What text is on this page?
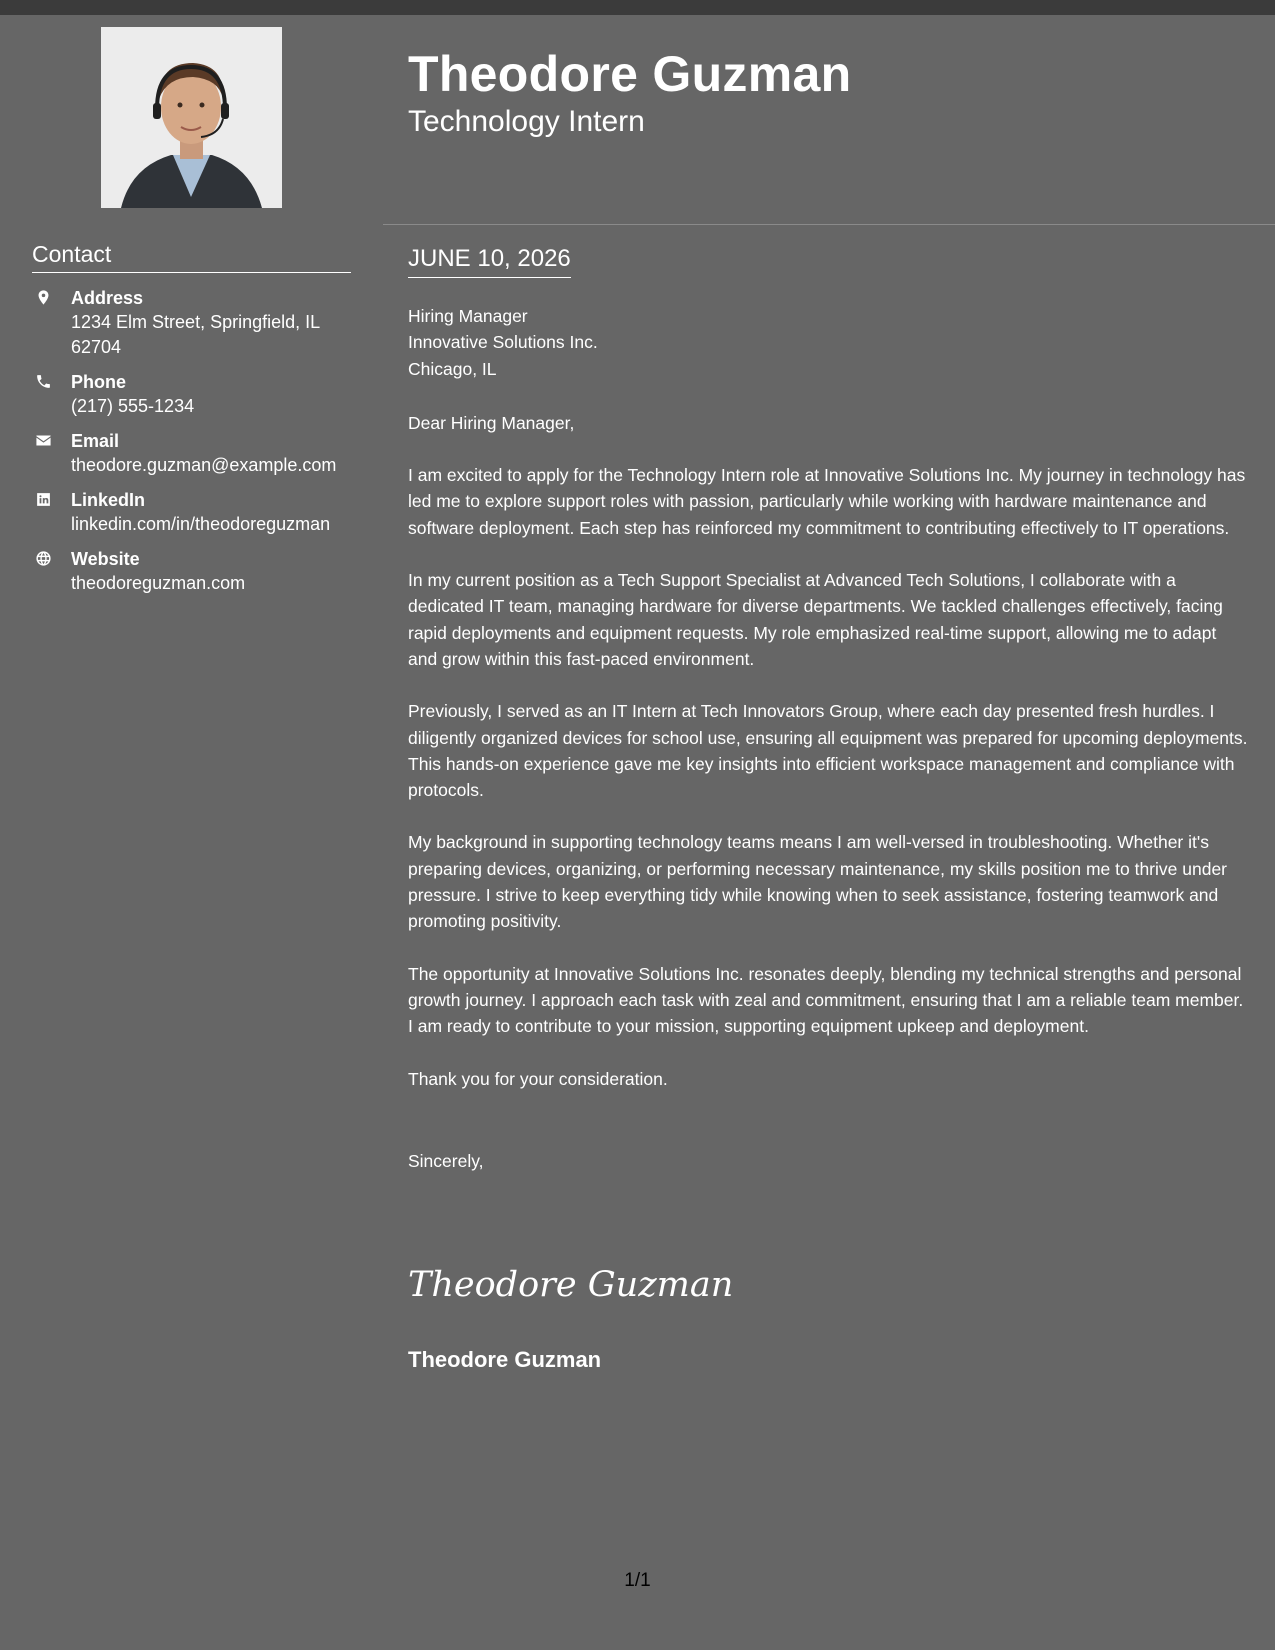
Theodore Guzman
Technology Intern
Contact
Address
1234 Elm Street, Springfield, IL 62704
Phone
(217) 555-1234
Email
theodore.guzman@example.com
LinkedIn
linkedin.com/in/theodoreguzman
Website
theodoreguzman.com
JUNE 10, 2026
Hiring Manager
Innovative Solutions Inc.
Chicago, IL
Dear Hiring Manager,
I am excited to apply for the Technology Intern role at Innovative Solutions Inc. My journey in technology has led me to explore support roles with passion, particularly while working with hardware maintenance and software deployment. Each step has reinforced my commitment to contributing effectively to IT operations.
In my current position as a Tech Support Specialist at Advanced Tech Solutions, I collaborate with a dedicated IT team, managing hardware for diverse departments. We tackled challenges effectively, facing rapid deployments and equipment requests. My role emphasized real-time support, allowing me to adapt and grow within this fast-paced environment.
Previously, I served as an IT Intern at Tech Innovators Group, where each day presented fresh hurdles. I diligently organized devices for school use, ensuring all equipment was prepared for upcoming deployments. This hands-on experience gave me key insights into efficient workspace management and compliance with protocols.
My background in supporting technology teams means I am well-versed in troubleshooting. Whether it's preparing devices, organizing, or performing necessary maintenance, my skills position me to thrive under pressure. I strive to keep everything tidy while knowing when to seek assistance, fostering teamwork and promoting positivity.
The opportunity at Innovative Solutions Inc. resonates deeply, blending my technical strengths and personal growth journey. I approach each task with zeal and commitment, ensuring that I am a reliable team member. I am ready to contribute to your mission, supporting equipment upkeep and deployment.
Thank you for your consideration.
Sincerely,
Theodore Guzman
Theodore Guzman
1/1
